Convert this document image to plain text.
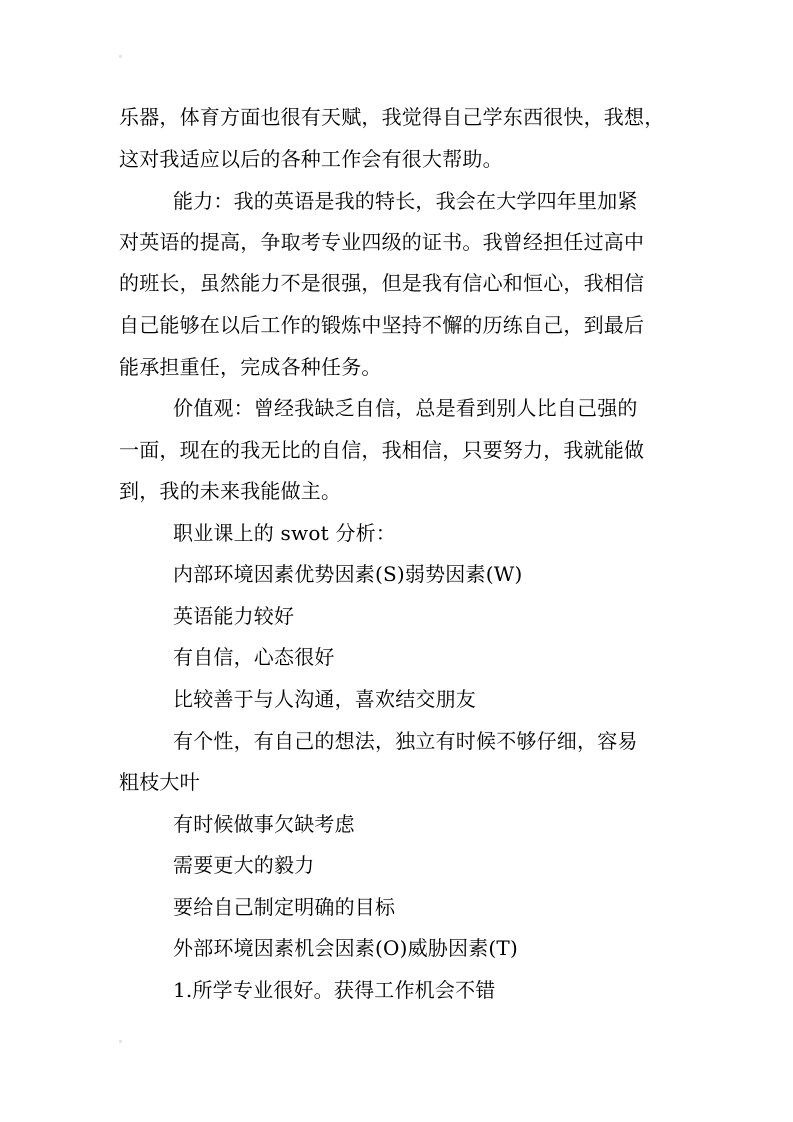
乐器，体育方面也很有天赋，我觉得自己学东西很快，我想，
这对我适应以后的各种工作会有很大帮助。
能力：我的英语是我的特长，我会在大学四年里加紧
对英语的提高，争取考专业四级的证书。我曾经担任过高中
的班长，虽然能力不是很强，但是我有信心和恒心，我相信
自己能够在以后工作的锻炼中坚持不懈的历练自己，到最后
能承担重任，完成各种任务。
价值观：曾经我缺乏自信，总是看到别人比自己强的
一面，现在的我无比的自信，我相信，只要努力，我就能做
到，我的未来我能做主。
职业课上的 swot 分析：
内部环境因素优势因素(S)弱势因素(W)
英语能力较好
有自信，心态很好
比较善于与人沟通，喜欢结交朋友
有个性，有自己的想法，独立有时候不够仔细，容易
粗枝大叶
有时候做事欠缺考虑
需要更大的毅力
要给自己制定明确的目标
外部环境因素机会因素(O)威胁因素(T)
1.所学专业很好。获得工作机会不错
